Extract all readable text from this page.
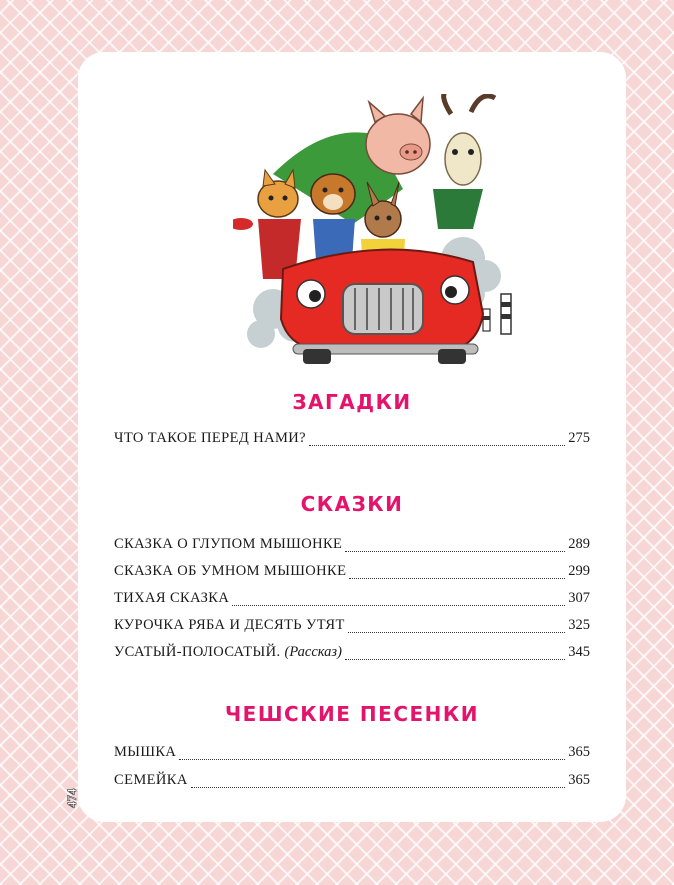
ЗАГАДКИ
ЧТО ТАКОЕ ПЕРЕД НАМИ?	275
СКАЗКИ
СКАЗКА О ГЛУПОМ МЫШОНКЕ	289
СКАЗКА ОБ УМНОМ МЫШОНКЕ	299
ТИХАЯ СКАЗКА	307
КУРОЧКА РЯБА И ДЕСЯТЬ УТЯТ	325
УСАТЫЙ-ПОЛОСАТЫЙ. (Рассказ)	345
ЧЕШСКИЕ ПЕСЕНКИ
МЫШКА	365
СЕМЕЙКА	365
474
